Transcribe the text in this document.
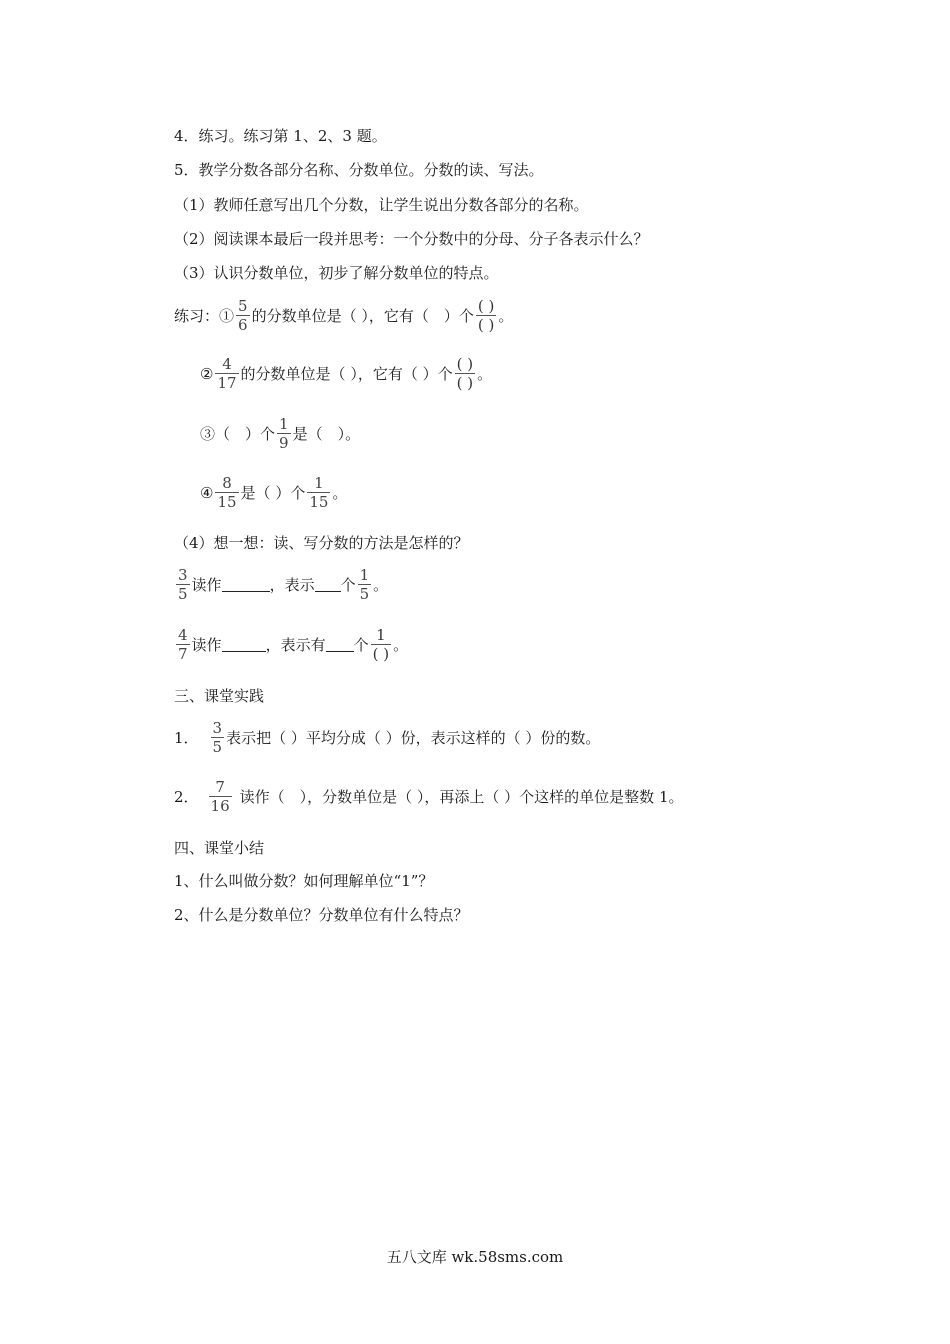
4．练习。练习第 1、2、3 题。
5．教学分数各部分名称、分数单位。分数的读、写法。
（1）教师任意写出几个分数，让学生说出分数各部分的名称。
（2）阅读课本最后一段并思考：一个分数中的分母、分子各表示什么？
（3）认识分数单位，初步了解分数单位的特点。
练习：①
5
6
的分数单位是（ ），它有（　）个
( )
( )
。
②
4
17
的分数单位是（ ），它有（ ）个
( )
( )
。
③（　）个
1
9
是（　）。
④
8
15
是（ ）个
1
15
。
（4）想一想：读、写分数的方法是怎样的？
3
5
读作	，表示 个
1
5
。
4
7
读作	，表示有 个
1
( )
。
三、课堂实践
1．
3
5
表示把（ ）平均分成（ ）份，表示这样的（ ）份的数。
2．
7
16
读作（　），分数单位是（ ），再添上（ ）个这样的单位是整数 1。
四、课堂小结
1、什么叫做分数？如何理解单位“1”？
2、什么是分数单位？分数单位有什么特点？
五八文库 wk.58sms.com
